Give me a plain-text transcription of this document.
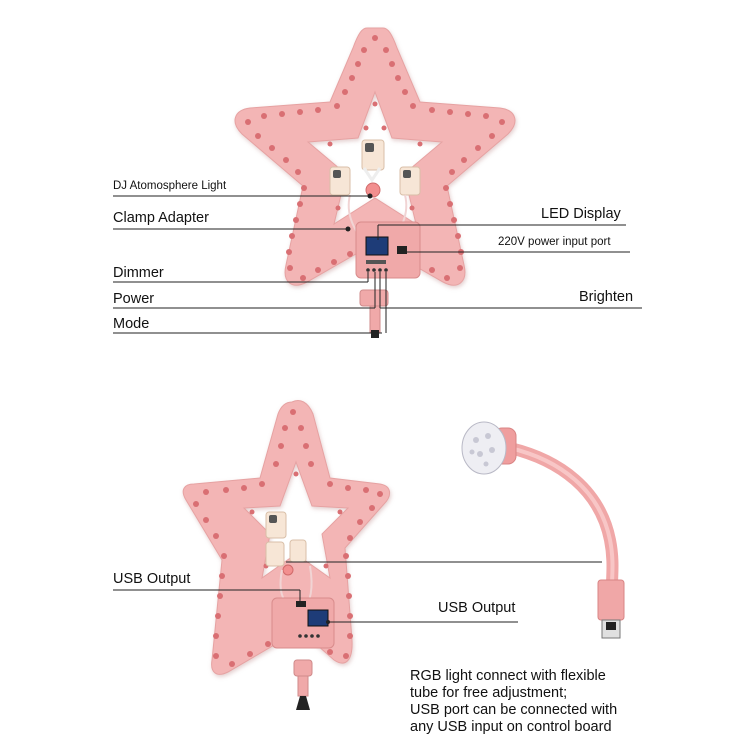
DJ Atomosphere Light
Clamp Adapter	LED Display
220V power input port
Dimmer
Power	Brighten
Mode
USB Output
USB Output
RGB light connect with flexible
tube for free adjustment;
USB port can be connected with
any USB input on control board
